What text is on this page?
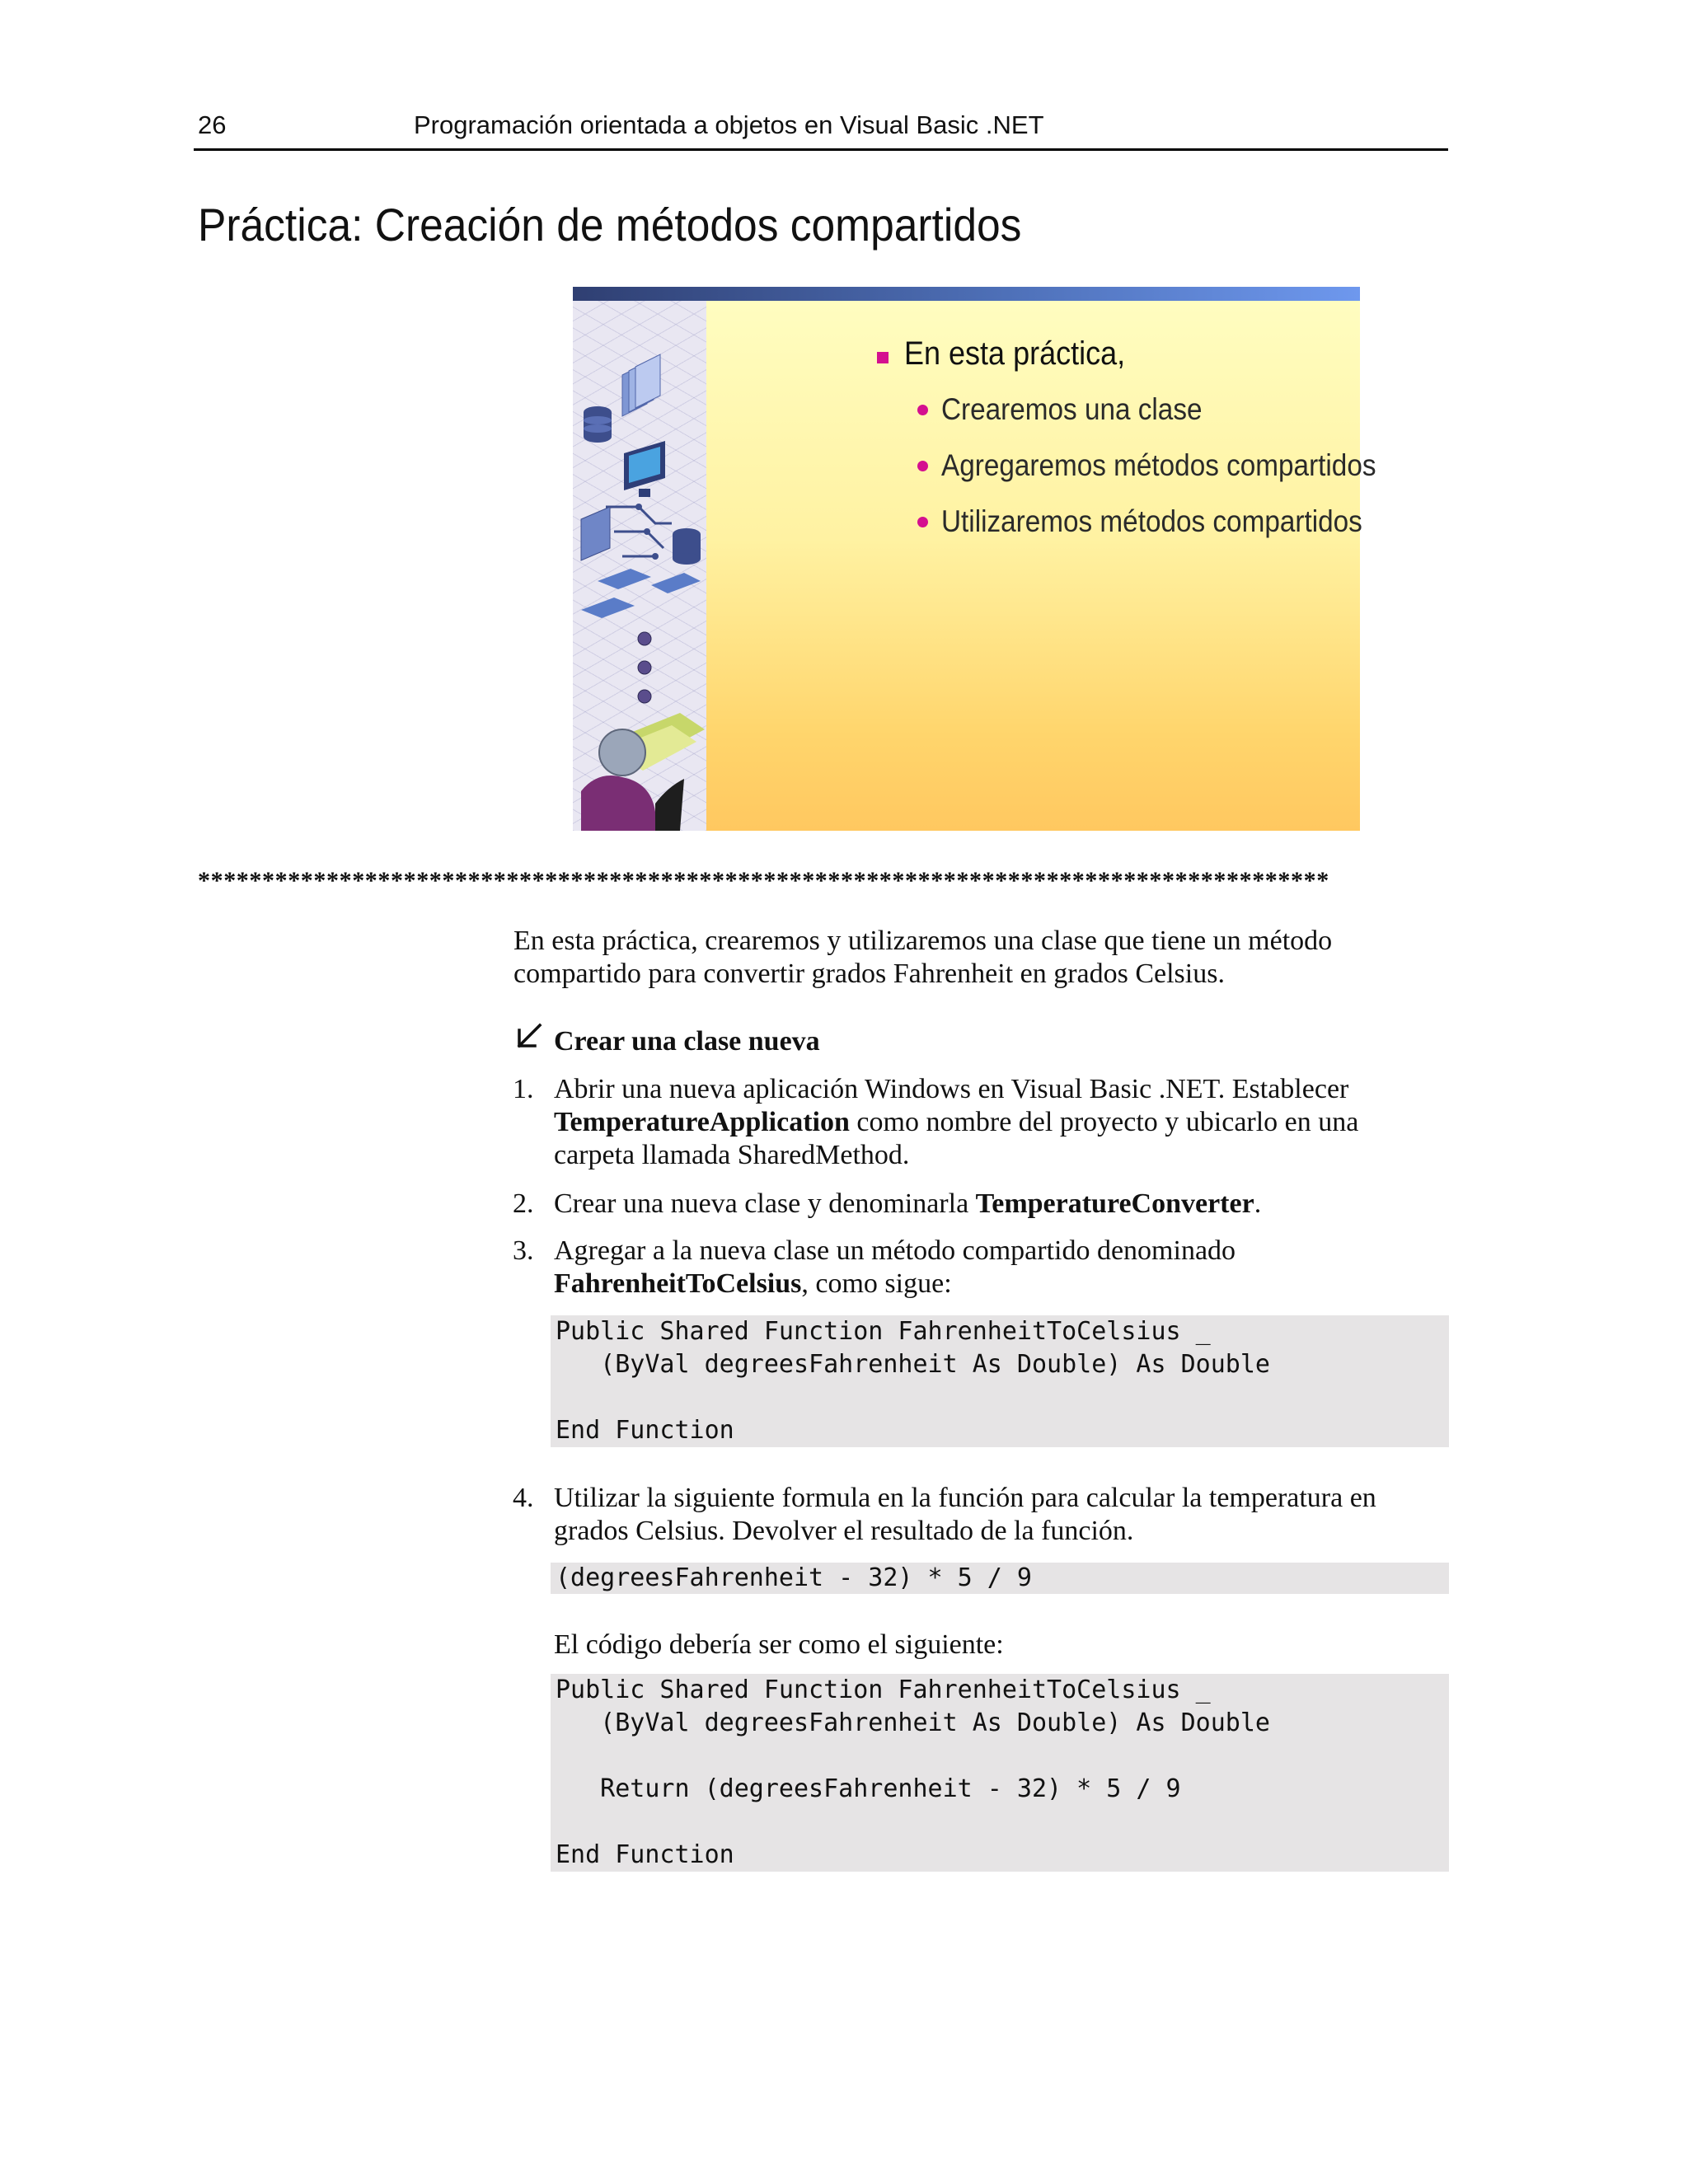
26	Programación orientada a objetos en Visual Basic .NET
Práctica: Creación de métodos compartidos
En esta práctica,
Crearemos una clase
Agregaremos métodos compartidos
Utilizaremos métodos compartidos
****************************************************************************************
En esta práctica, crearemos y utilizaremos una clase que tiene un método compartido para convertir grados Fahrenheit en grados Celsius.
Crear una clase nueva
1. Abrir una nueva aplicación Windows en Visual Basic .NET. Establecer TemperatureApplication como nombre del proyecto y ubicarlo en una carpeta llamada SharedMethod.
2. Crear una nueva clase y denominarla TemperatureConverter.
3. Agregar a la nueva clase un método compartido denominado FahrenheitToCelsius, como sigue:
Public Shared Function FahrenheitToCelsius _
(ByVal degreesFahrenheit As Double) As Double

End Function
4. Utilizar la siguiente formula en la función para calcular la temperatura en grados Celsius. Devolver el resultado de la función.
(degreesFahrenheit - 32) * 5 / 9
El código debería ser como el siguiente:
Public Shared Function FahrenheitToCelsius _
(ByVal degreesFahrenheit As Double) As Double

Return (degreesFahrenheit - 32) * 5 / 9

End Function
